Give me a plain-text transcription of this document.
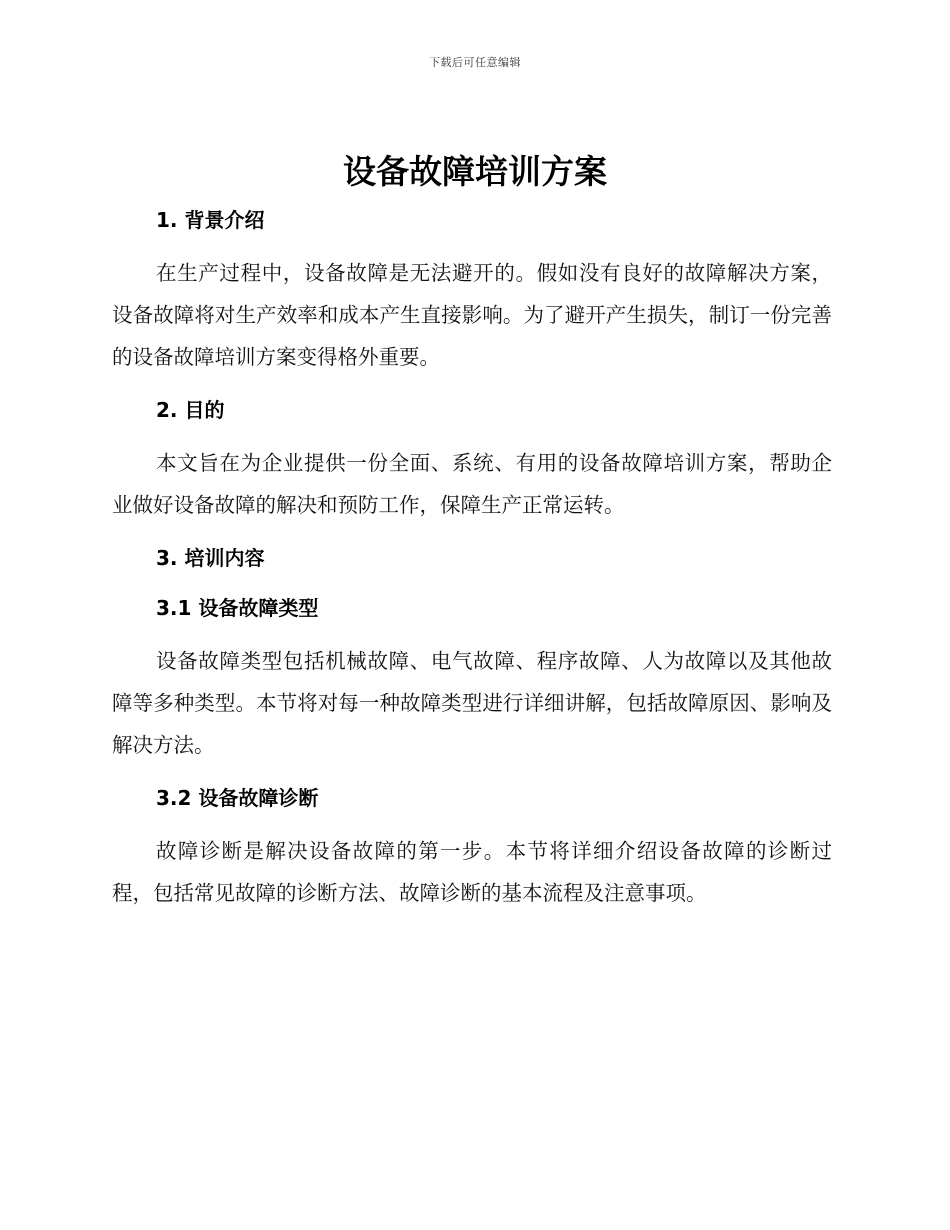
下载后可任意编辑
设备故障培训方案
1. 背景介绍

在生产过程中，设备故障是无法避开的。假如没有良好的故障解决方案，设备故障将对生产效率和成本产生直接影响。为了避开产生损失，制订一份完善的设备故障培训方案变得格外重要。

2. 目的

本文旨在为企业提供一份全面、系统、有用的设备故障培训方案，帮助企业做好设备故障的解决和预防工作，保障生产正常运转。

3. 培训内容
3.1 设备故障类型

设备故障类型包括机械故障、电气故障、程序故障、人为故障以及其他故障等多种类型。本节将对每一种故障类型进行详细讲解，包括故障原因、影响及解决方法。

3.2 设备故障诊断

故障诊断是解决设备故障的第一步。本节将详细介绍设备故障的诊断过程，包括常见故障的诊断方法、故障诊断的基本流程及注意事项。
